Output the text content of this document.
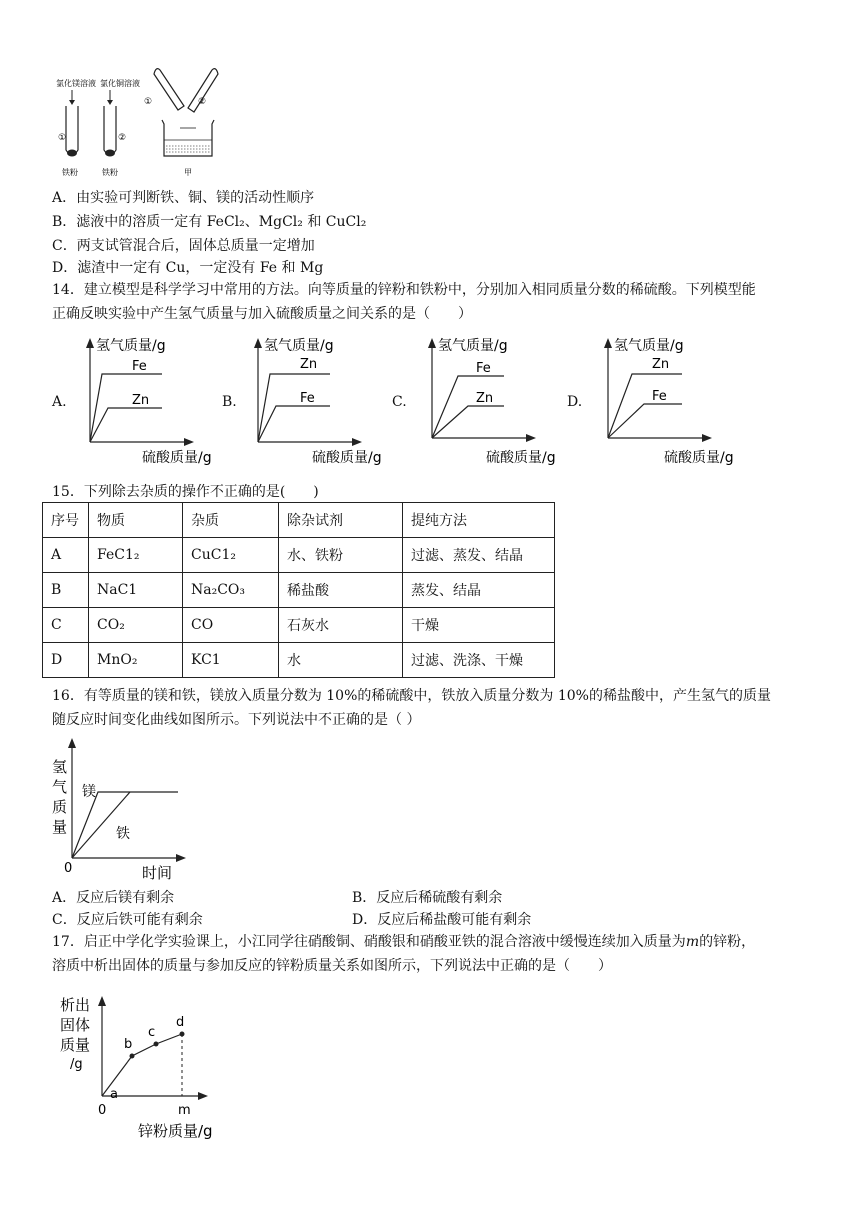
氯化镁溶液 氯化铜溶液
①
铁粉
②
铁粉
①	②
甲
A．由实验可判断铁、铜、镁的活动性顺序
B．滤液中的溶质一定有 FeCl₂、MgCl₂ 和 CuCl₂
C．两支试管混合后，固体总质量一定增加
D．滤渣中一定有 Cu，一定没有 Fe 和 Mg
14．建立模型是科学学习中常用的方法。向等质量的锌粉和铁粉中，分别加入相同质量分数的稀硫酸。下列模型能
正确反映实验中产生氢气质量与加入硫酸质量之间关系的是（　　）
A.
氢气质量/g
Fe
Zn
硫酸质量/g
B.
氢气质量/g
Zn
Fe
硫酸质量/g
C.
氢气质量/g
Fe
Zn
硫酸质量/g
D.
氢气质量/g
Zn
Fe
硫酸质量/g
15．下列除去杂质的操作不正确的是(　　)
序号	物质	杂质	除杂试剂	提纯方法
A	FeC1₂	CuC1₂	水、铁粉	过滤、蒸发、结晶
B	NaC1	Na₂CO₃	稀盐酸	蒸发、结晶
C	CO₂	CO	石灰水	干燥
D	MnO₂	KC1	水	过滤、洗涤、干燥
16．有等质量的镁和铁，镁放入质量分数为 10%的稀硫酸中，铁放入质量分数为 10%的稀盐酸中，产生氢气的质量
随反应时间变化曲线如图所示。下列说法中不正确的是（ ）
氢
气
质
量
镁
铁
0	时间
A．反应后镁有剩余	B．反应后稀硫酸有剩余
C．反应后铁可能有剩余	D．反应后稀盐酸可能有剩余
17．启正中学化学实验课上，小江同学往硝酸铜、硝酸银和硝酸亚铁的混合溶液中缓慢连续加入质量为m的锌粉，
溶质中析出固体的质量与参加反应的锌粉质量关系如图所示，下列说法中正确的是（　　）
析出
固体
质量
/g
a
b
c
d
0	m
锌粉质量/g
